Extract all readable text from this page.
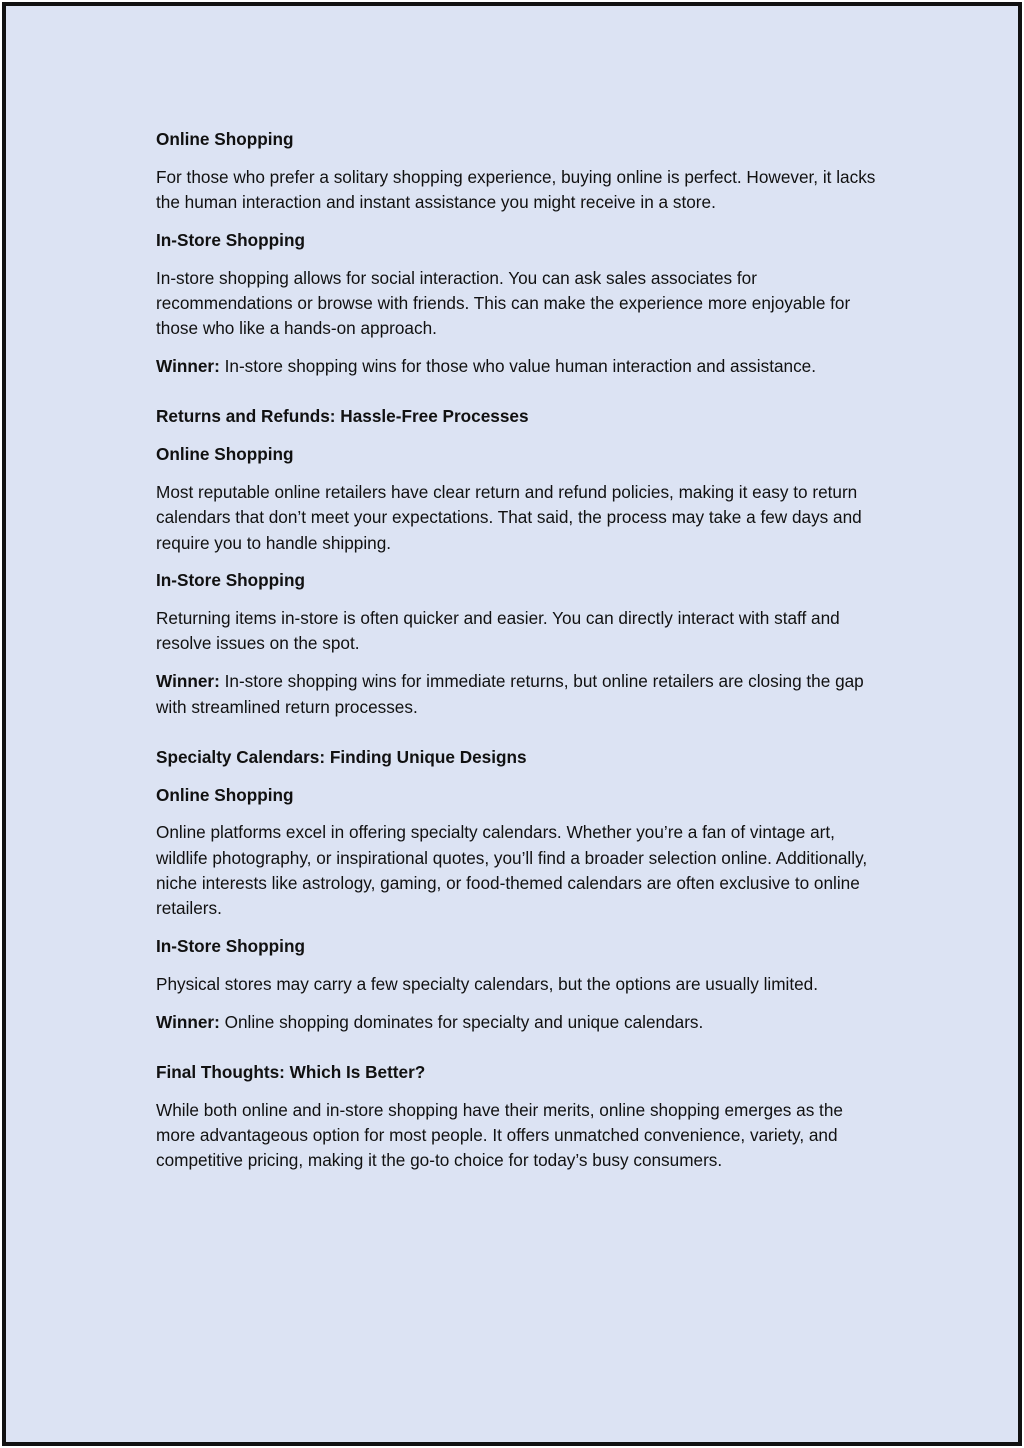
Online Shopping

For those who prefer a solitary shopping experience, buying online is perfect. However, it lacks the human interaction and instant assistance you might receive in a store.

In-Store Shopping

In-store shopping allows for social interaction. You can ask sales associates for recommendations or browse with friends. This can make the experience more enjoyable for those who like a hands-on approach.

Winner: In-store shopping wins for those who value human interaction and assistance.

Returns and Refunds: Hassle-Free Processes

Online Shopping

Most reputable online retailers have clear return and refund policies, making it easy to return calendars that don’t meet your expectations. That said, the process may take a few days and require you to handle shipping.

In-Store Shopping

Returning items in-store is often quicker and easier. You can directly interact with staff and resolve issues on the spot.

Winner: In-store shopping wins for immediate returns, but online retailers are closing the gap with streamlined return processes.

Specialty Calendars: Finding Unique Designs

Online Shopping

Online platforms excel in offering specialty calendars. Whether you’re a fan of vintage art, wildlife photography, or inspirational quotes, you’ll find a broader selection online. Additionally, niche interests like astrology, gaming, or food-themed calendars are often exclusive to online retailers.

In-Store Shopping

Physical stores may carry a few specialty calendars, but the options are usually limited.

Winner: Online shopping dominates for specialty and unique calendars.

Final Thoughts: Which Is Better?

While both online and in-store shopping have their merits, online shopping emerges as the more advantageous option for most people. It offers unmatched convenience, variety, and competitive pricing, making it the go-to choice for today’s busy consumers.
